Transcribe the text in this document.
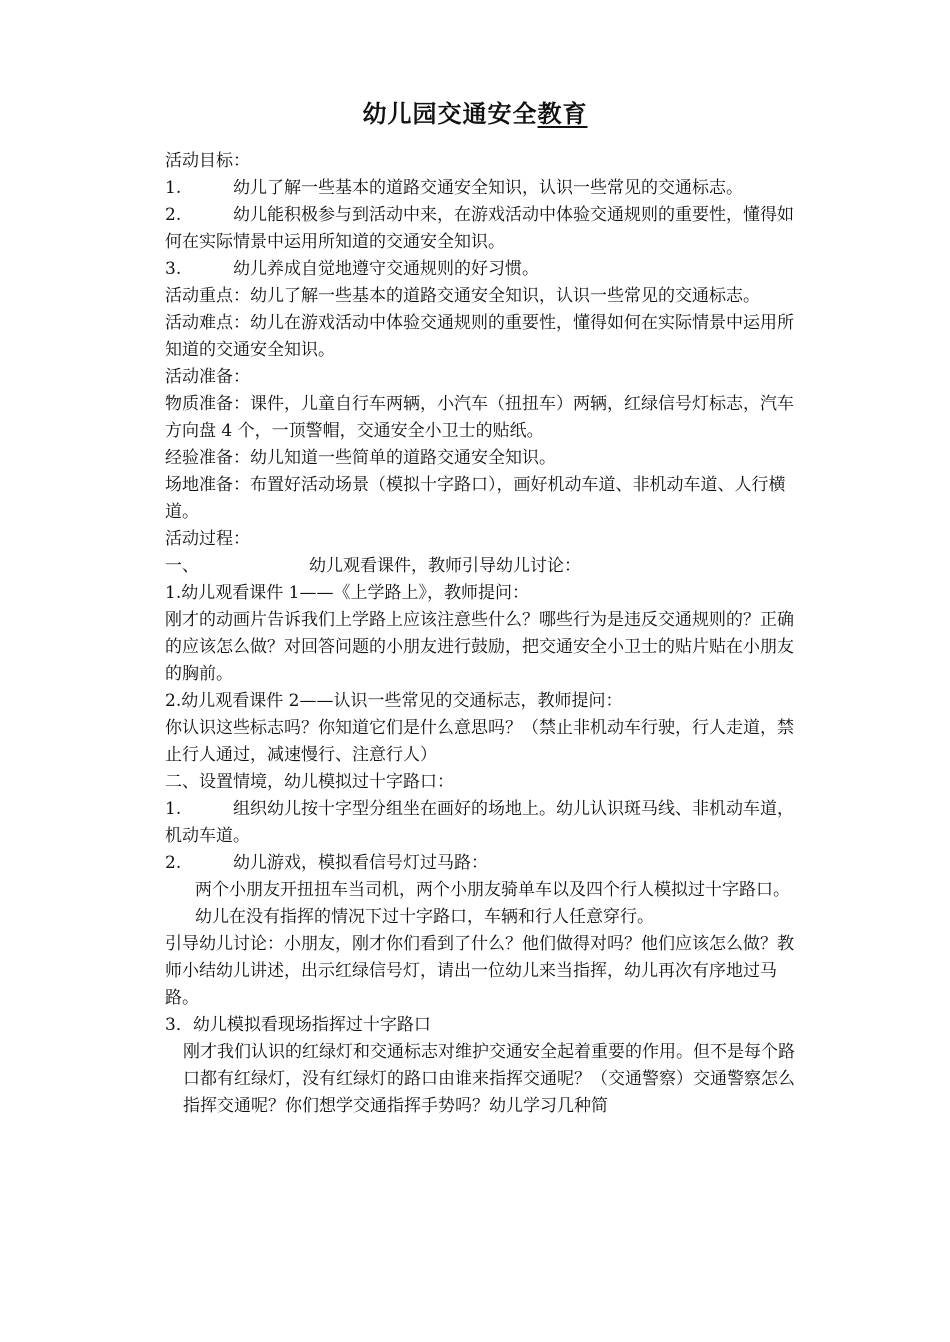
幼儿园交通安全教育

活动目标：

1.	幼儿了解一些基本的道路交通安全知识，认识一些常见的交通标志。

2.	幼儿能积极参与到活动中来，在游戏活动中体验交通规则的重要性，懂得如何在实际情景中运用所知道的交通安全知识。

3.	幼儿养成自觉地遵守交通规则的好习惯。

活动重点：幼儿了解一些基本的道路交通安全知识，认识一些常见的交通标志。

活动难点：幼儿在游戏活动中体验交通规则的重要性，懂得如何在实际情景中运用所知道的交通安全知识。

活动准备：

物质准备：课件，儿童自行车两辆，小汽车（扭扭车）两辆，红绿信号灯标志，汽车方向盘 4 个，一顶警帽，交通安全小卫士的贴纸。

经验准备：幼儿知道一些简单的道路交通安全知识。

场地准备：布置好活动场景（模拟十字路口），画好机动车道、非机动车道、人行横道。

活动过程：

一、	幼儿观看课件，教师引导幼儿讨论：

1.幼儿观看课件 1——《上学路上》，教师提问：

刚才的动画片告诉我们上学路上应该注意些什么？哪些行为是违反交通规则的？正确的应该怎么做？对回答问题的小朋友进行鼓励，把交通安全小卫士的贴片贴在小朋友的胸前。

2.幼儿观看课件 2——认识一些常见的交通标志，教师提问：

你认识这些标志吗？你知道它们是什么意思吗？（禁止非机动车行驶，行人走道，禁止行人通过，减速慢行、注意行人）

二、设置情境，幼儿模拟过十字路口：

1.	组织幼儿按十字型分组坐在画好的场地上。幼儿认识斑马线、非机动车道，机动车道。

2.	幼儿游戏，模拟看信号灯过马路：

两个小朋友开扭扭车当司机，两个小朋友骑单车以及四个行人模拟过十字路口。幼儿在没有指挥的情况下过十字路口，车辆和行人任意穿行。

引导幼儿讨论：小朋友，刚才你们看到了什么？他们做得对吗？他们应该怎么做？教师小结幼儿讲述，出示红绿信号灯，请出一位幼儿来当指挥，幼儿再次有序地过马路。

3．幼儿模拟看现场指挥过十字路口

刚才我们认识的红绿灯和交通标志对维护交通安全起着重要的作用。但不是每个路口都有红绿灯，没有红绿灯的路口由谁来指挥交通呢？（交通警察）交通警察怎么指挥交通呢？你们想学交通指挥手势吗？幼儿学习几种简
